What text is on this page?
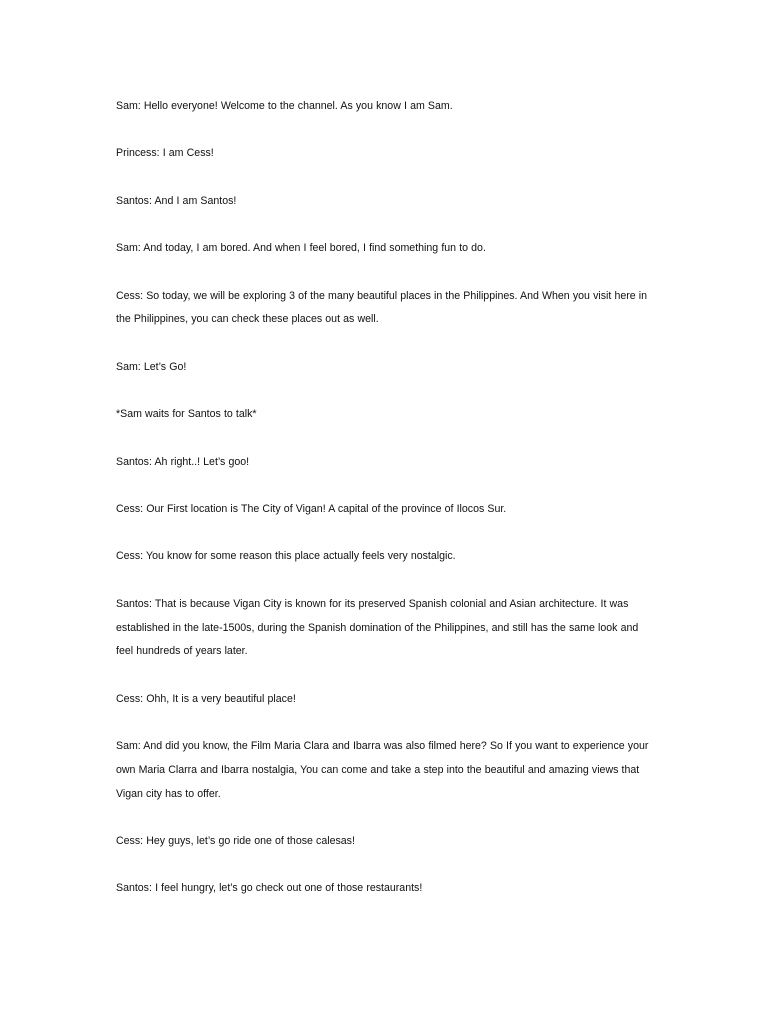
Sam: Hello everyone! Welcome to the channel. As you know I am Sam.

Princess: I am Cess!

Santos: And I am Santos!

Sam: And today, I am bored. And when I feel bored, I find something fun to do.

Cess: So today, we will be exploring 3 of the many beautiful places in the Philippines. And When you visit here in the Philippines, you can check these places out as well.

Sam: Let’s Go!

*Sam waits for Santos to talk*

Santos: Ah right..! Let’s goo!

Cess: Our First location is The City of Vigan! A capital of the province of Ilocos Sur.

Cess: You know for some reason this place actually feels very nostalgic.

Santos: That is because Vigan City is known for its preserved Spanish colonial and Asian architecture. It was established in the late-1500s, during the Spanish domination of the Philippines, and still has the same look and feel hundreds of years later.

Cess: Ohh, It is a very beautiful place!

Sam: And did you know, the Film Maria Clara and Ibarra was also filmed here? So If you want to experience your own Maria Clarra and Ibarra nostalgia, You can come and take a step into the beautiful and amazing views that Vigan city has to offer.

Cess: Hey guys, let’s go ride one of those calesas!

Santos: I feel hungry, let’s go check out one of those restaurants!
